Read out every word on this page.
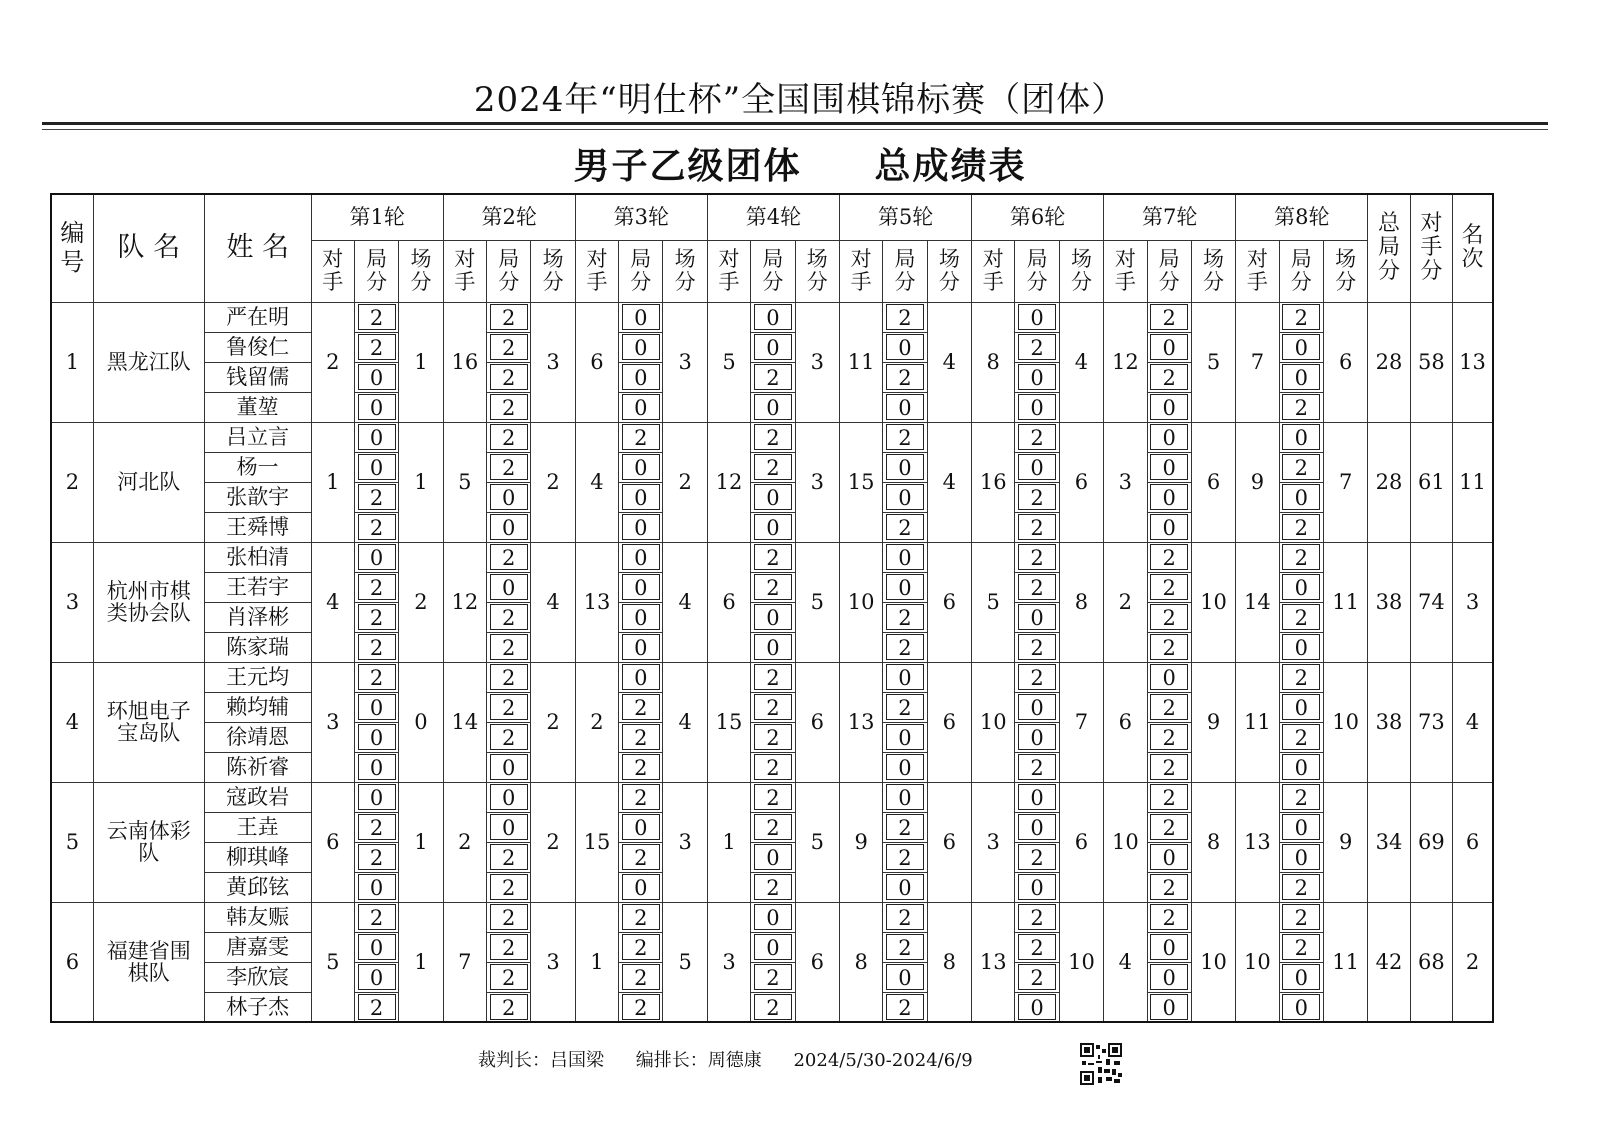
2024年“明仕杯”全国围棋锦标赛（团体）
男子乙级团体 总成绩表
编号	队 名	姓 名	第1轮			第2轮			第3轮			第4轮			第5轮			第6轮			第7轮			第8轮			总局分	对手分	名次
			对手	局分	场分	对手	局分	场分	对手	局分	场分	对手	局分	场分	对手	局分	场分	对手	局分	场分	对手	局分	场分	对手	局分	场分			
1	黑龙江队	严在明	2	2	1	16	2	3	6	0	3	5	0	3	11	2	4	8	0	4	12	2	5	7	2	6	28	58	13
		鲁俊仁		2			2			0			0			0			2			0			0				

		钱留儒		0			2			0			2			2			0			2			0				

		董堃		0			2			0			0			0			0			0			2				

2	河北队	吕立言	1	0	1	5	2	2	4	2	2	12	2	3	15	2	4	16	2	6	3	0	6	9	0	7	28	61	11
		杨一		0			2			0			2			0			0			0			2				

		张歆宇		2			0			0			0			0			2			0			0				

		王舜博		2			0			0			0			2			2			0			2				

3	杭州市棋类协会队	张柏清	4	0	2	12	2	4	13	0	4	6	2	5	10	0	6	5	2	8	2	2	10	14	2	11	38	74	3
		王若宇		2			0			0			2			0			2			2			0				

		肖泽彬		2			2			0			0			2			0			2			2				

		陈家瑞		2			2			0			0			2			2			2			0				

4	环旭电子宝岛队	王元均	3	2	0	14	2	2	2	0	4	15	2	6	13	0	6	10	2	7	6	0	9	11	2	10	38	73	4
		赖均辅		0			2			2			2			2			0			2			0				

		徐靖恩		0			2			2			2			0			0			2			2				

		陈祈睿		0			0			2			2			0			2			2			0				

5	云南体彩队	寇政岩	6	0	1	2	0	2	15	2	3	1	2	5	9	0	6	3	0	6	10	2	8	13	2	9	34	69	6
		王垚		2			0			0			2			2			0			2			0				

		柳琪峰		2			2			2			0			2			2			0			0				

		黄邱铉		0			2			0			2			0			0			2			2				

6	福建省围棋队	韩友赈	5	2	1	7	2	3	1	2	5	3	0	6	8	2	8	13	2	10	4	2	10	10	2	11	42	68	2
		唐嘉雯		0			2			2			0			2			2			0			2				

		李欣宸		0			2			2			2			0			2			0			0				

		林子杰		2			2			2			2			2			0			0			0				
裁判长：吕国梁 编排长：周德康 2024/5/30-2024/6/9
